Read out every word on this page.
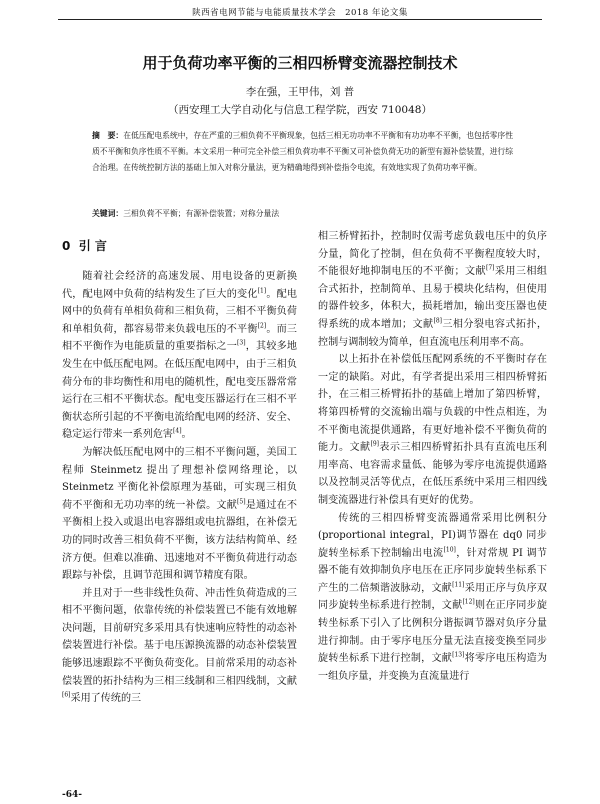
陕西省电网节能与电能质量技术学会　2018 年论文集
用于负荷功率平衡的三相四桥臂变流器控制技术
李在强，王甲伟，刘 普
（西安理工大学自动化与信息工程学院，西安 710048）
摘　要：在低压配电系统中，存在严重的三相负荷不平衡现象，包括三相无功功率不平衡和有功功率不平衡，也包括零序性质不平衡和负序性质不平衡。本文采用一种可完全补偿三相负荷功率不平衡又可补偿负荷无功的新型有源补偿装置，进行综合治理。在传统控制方法的基础上加入对称分量法，更为精确地得到补偿指令电流，有效地实现了负荷功率平衡。
关键词：三相负荷不平衡；有源补偿装置；对称分量法
0 引 言

随着社会经济的高速发展、用电设备的更新换代，配电网中负荷的结构发生了巨大的变化[1]。配电网中的负荷有单相负荷和三相负荷，三相不平衡负荷和单相负荷，都容易带来负载电压的不平衡[2]。而三相不平衡作为电能质量的重要指标之一[3]，其较多地发生在中低压配电网。在低压配电网中，由于三相负荷分布的非均衡性和用电的随机性，配电变压器常常运行在三相不平衡状态。配电变压器运行在三相不平衡状态所引起的不平衡电流给配电网的经济、安全、稳定运行带来一系列危害[4]。

为解决低压配电网中的三相不平衡问题，美国工程师 Steinmetz 提出了理想补偿网络理论，以 Steinmetz 平衡化补偿原理为基础，可实现三相负荷不平衡和无功功率的统一补偿。文献[5]是通过在不平衡相上投入或退出电容器组或电抗器组，在补偿无功的同时改善三相负荷不平衡，该方法结构简单、经济方便。但难以准确、迅速地对不平衡负荷进行动态跟踪与补偿，且调节范围和调节精度有限。

并且对于一些非线性负荷、冲击性负荷造成的三相不平衡问题，依靠传统的补偿装置已不能有效地解决问题，目前研究多采用具有快速响应特性的动态补偿装置进行补偿。基于电压源换流器的动态补偿装置能够迅速跟踪不平衡负荷变化。目前常采用的动态补偿装置的拓扑结构为三相三线制和三相四线制，文献[6]采用了传统的三

相三桥臂拓扑，控制时仅需考虑负载电压中的负序分量，简化了控制，但在负荷不平衡程度较大时，不能很好地抑制电压的不平衡；文献[7]采用三相组合式拓扑，控制简单、且易于模块化结构，但使用的器件较多，体积大，损耗增加，输出变压器也使得系统的成本增加；文献[8]三相分裂电容式拓扑，控制与调制较为简单，但直流电压利用率不高。

以上拓扑在补偿低压配网系统的不平衡时存在一定的缺陷。对此，有学者提出采用三相四桥臂拓扑，在三相三桥臂拓扑的基础上增加了第四桥臂，将第四桥臂的交流输出端与负载的中性点相连，为不平衡电流提供通路，有更好地补偿不平衡负荷的能力。文献[9]表示三相四桥臂拓扑具有直流电压利用率高、电容需求量低、能够为零序电流提供通路以及控制灵活等优点，在低压系统中采用三相四线制变流器进行补偿具有更好的优势。

传统的三相四桥臂变流器通常采用比例积分(proportional integral，PI)调节器在 dq0 同步旋转坐标系下控制输出电流[10]，针对常规 PI 调节器不能有效抑制负序电压在正序同步旋转坐标系下产生的二倍频谐波脉动，文献[11]采用正序与负序双同步旋转坐标系进行控制，文献[12]则在正序同步旋转坐标系下引入了比例积分谐振调节器对负序分量进行抑制。由于零序电压分量无法直接变换至同步旋转坐标系下进行控制，文献[13]将零序电压构造为一组负序量，并变换为直流量进行

-64-
